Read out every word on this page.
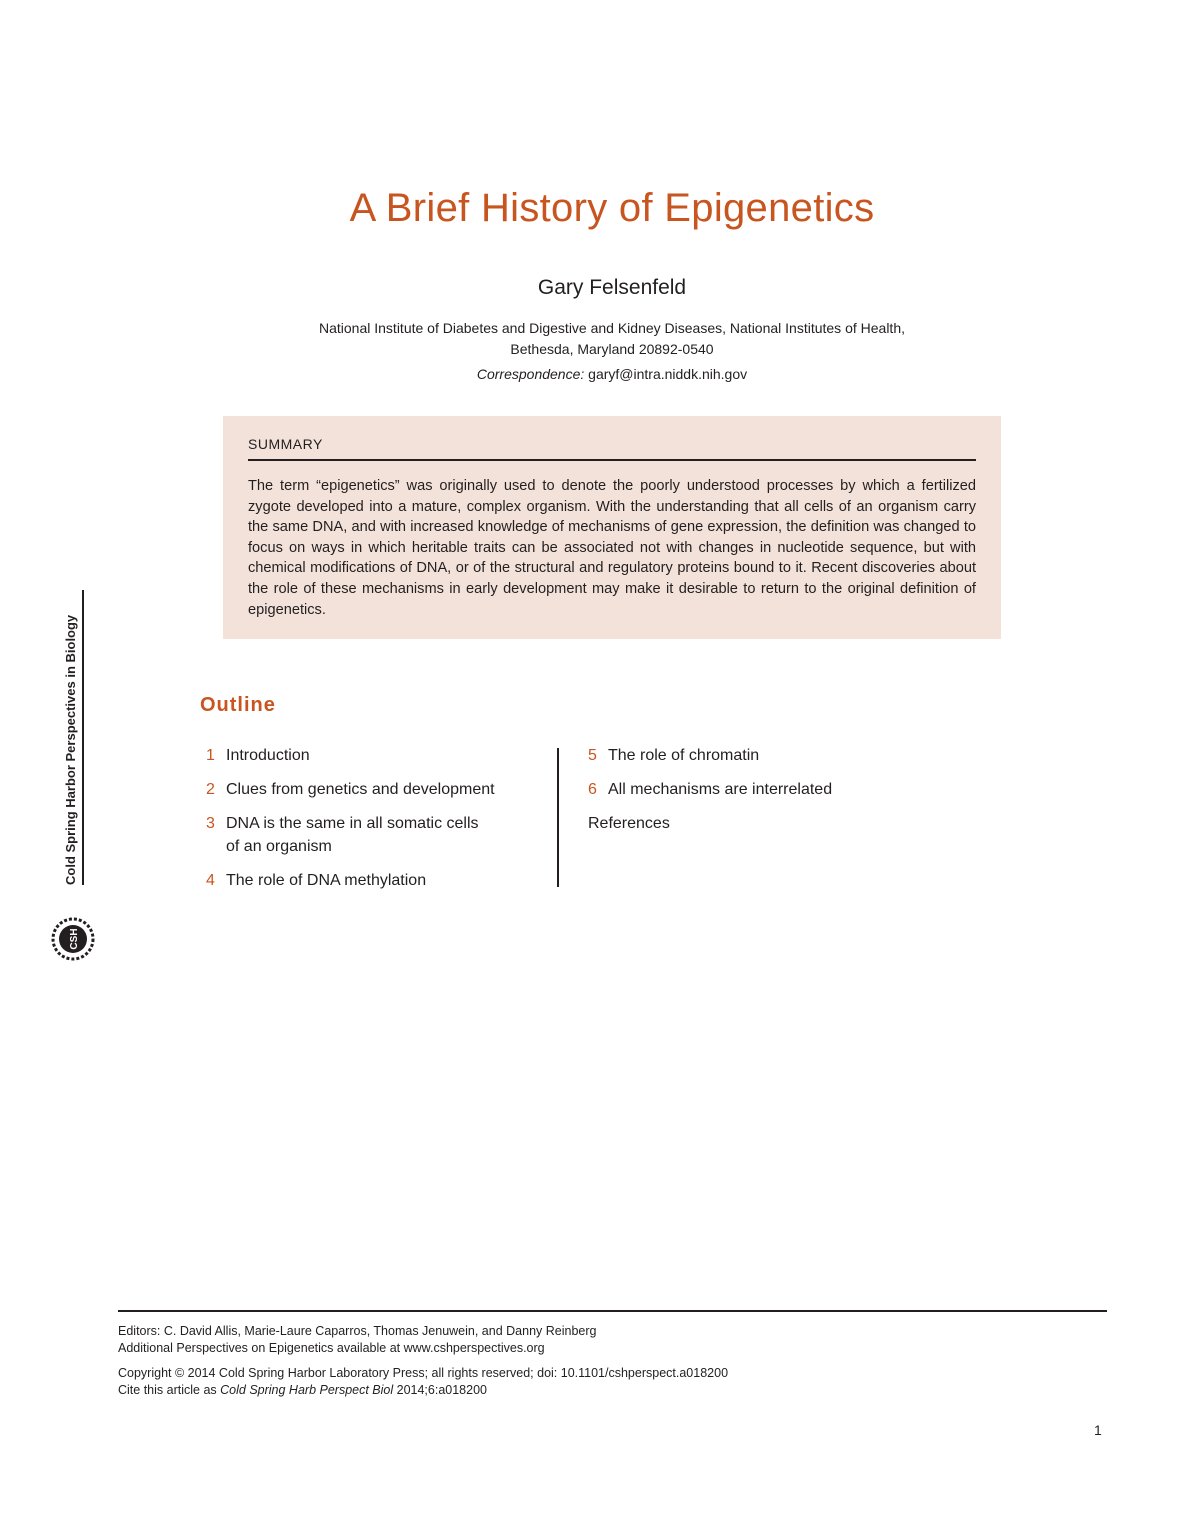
Cold Spring Harbor Perspectives in Biology
CSH
A Brief History of Epigenetics
Gary Felsenfeld
National Institute of Diabetes and Digestive and Kidney Diseases, National Institutes of Health,
Bethesda, Maryland 20892-0540
Correspondence: garyf@intra.niddk.nih.gov
SUMMARY
The term “epigenetics” was originally used to denote the poorly understood processes by which a fertilized zygote developed into a mature, complex organism. With the understanding that all cells of an organism carry the same DNA, and with increased knowledge of mechanisms of gene expression, the definition was changed to focus on ways in which heritable traits can be associated not with changes in nucleotide sequence, but with chemical modifications of DNA, or of the structural and regulatory proteins bound to it. Recent discoveries about the role of these mechanisms in early development may make it desirable to return to the original definition of epigenetics.
Outline
1 Introduction
2 Clues from genetics and development
3 DNA is the same in all somatic cells of an organism
4 The role of DNA methylation
5 The role of chromatin
6 All mechanisms are interrelated
References
Editors: C. David Allis, Marie-Laure Caparros, Thomas Jenuwein, and Danny Reinberg
Additional Perspectives on Epigenetics available at www.cshperspectives.org
Copyright © 2014 Cold Spring Harbor Laboratory Press; all rights reserved; doi: 10.1101/cshperspect.a018200
Cite this article as Cold Spring Harb Perspect Biol 2014;6:a018200
1
